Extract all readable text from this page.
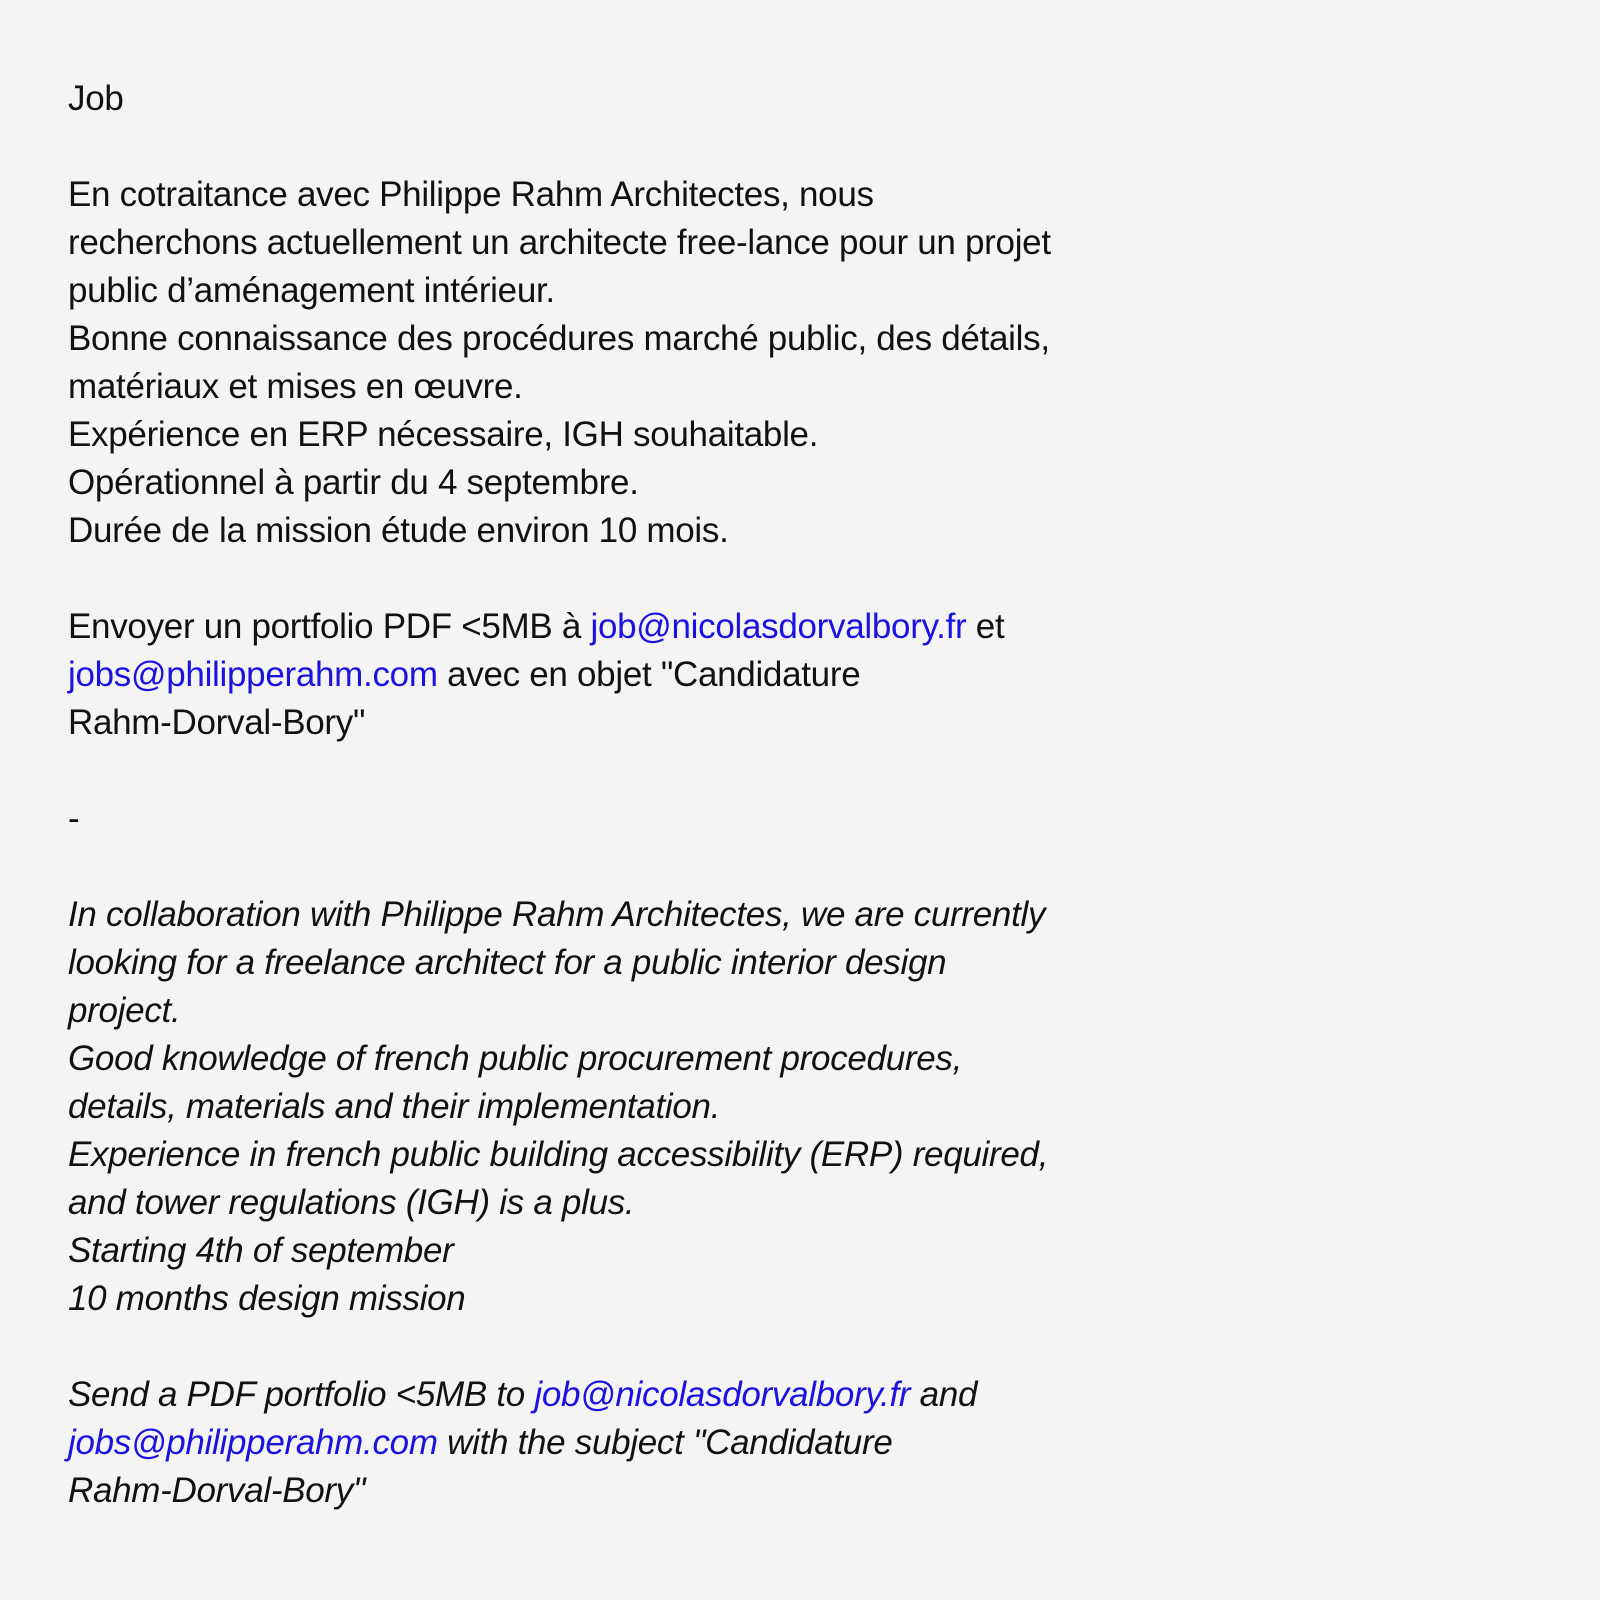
Job
En cotraitance avec Philippe Rahm Architectes, nous
recherchons actuellement un architecte free-lance pour un projet
public d’aménagement intérieur.
Bonne connaissance des procédures marché public, des détails,
matériaux et mises en œuvre.
Expérience en ERP nécessaire, IGH souhaitable.
Opérationnel à partir du 4 septembre.
Durée de la mission étude environ 10 mois.
Envoyer un portfolio PDF <5MB à job@nicolasdorvalbory.fr et
jobs@philipperahm.com avec en objet "Candidature
Rahm-Dorval-Bory"
-
In collaboration with Philippe Rahm Architectes, we are currently
looking for a freelance architect for a public interior design
project.
Good knowledge of french public procurement procedures,
details, materials and their implementation.
Experience in french public building accessibility (ERP) required,
and tower regulations (IGH) is a plus.
Starting 4th of september
10 months design mission
Send a PDF portfolio <5MB to job@nicolasdorvalbory.fr and
jobs@philipperahm.com with the subject "Candidature
Rahm-Dorval-Bory"
